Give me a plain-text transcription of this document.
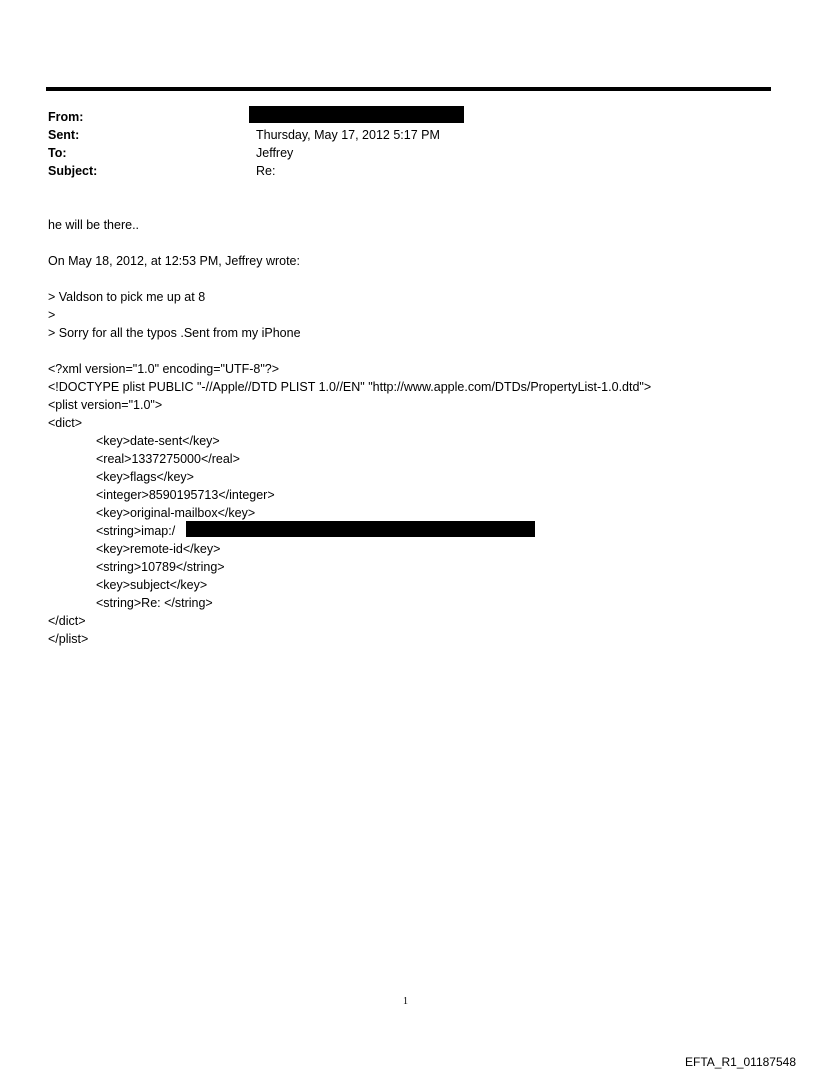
From:
Sent:	Thursday, May 17, 2012 5:17 PM
To:	Jeffrey
Subject:	Re:
he will be there..
On May 18, 2012, at 12:53 PM, Jeffrey wrote:
> Valdson to pick me up at 8
>
> Sorry for all the typos .Sent from my iPhone
<?xml version="1.0" encoding="UTF-8"?>
<!DOCTYPE plist PUBLIC "-//Apple//DTD PLIST 1.0//EN" "http://www.apple.com/DTDs/PropertyList-1.0.dtd">
<plist version="1.0">
<dict>
<key>date-sent</key>
<real>1337275000</real>
<key>flags</key>
<integer>8590195713</integer>
<key>original-mailbox</key>
<string>imap:/
<key>remote-id</key>
<string>10789</string>
<key>subject</key>
<string>Re: </string>
</dict>
</plist>
1
EFTA_R1_01187548
